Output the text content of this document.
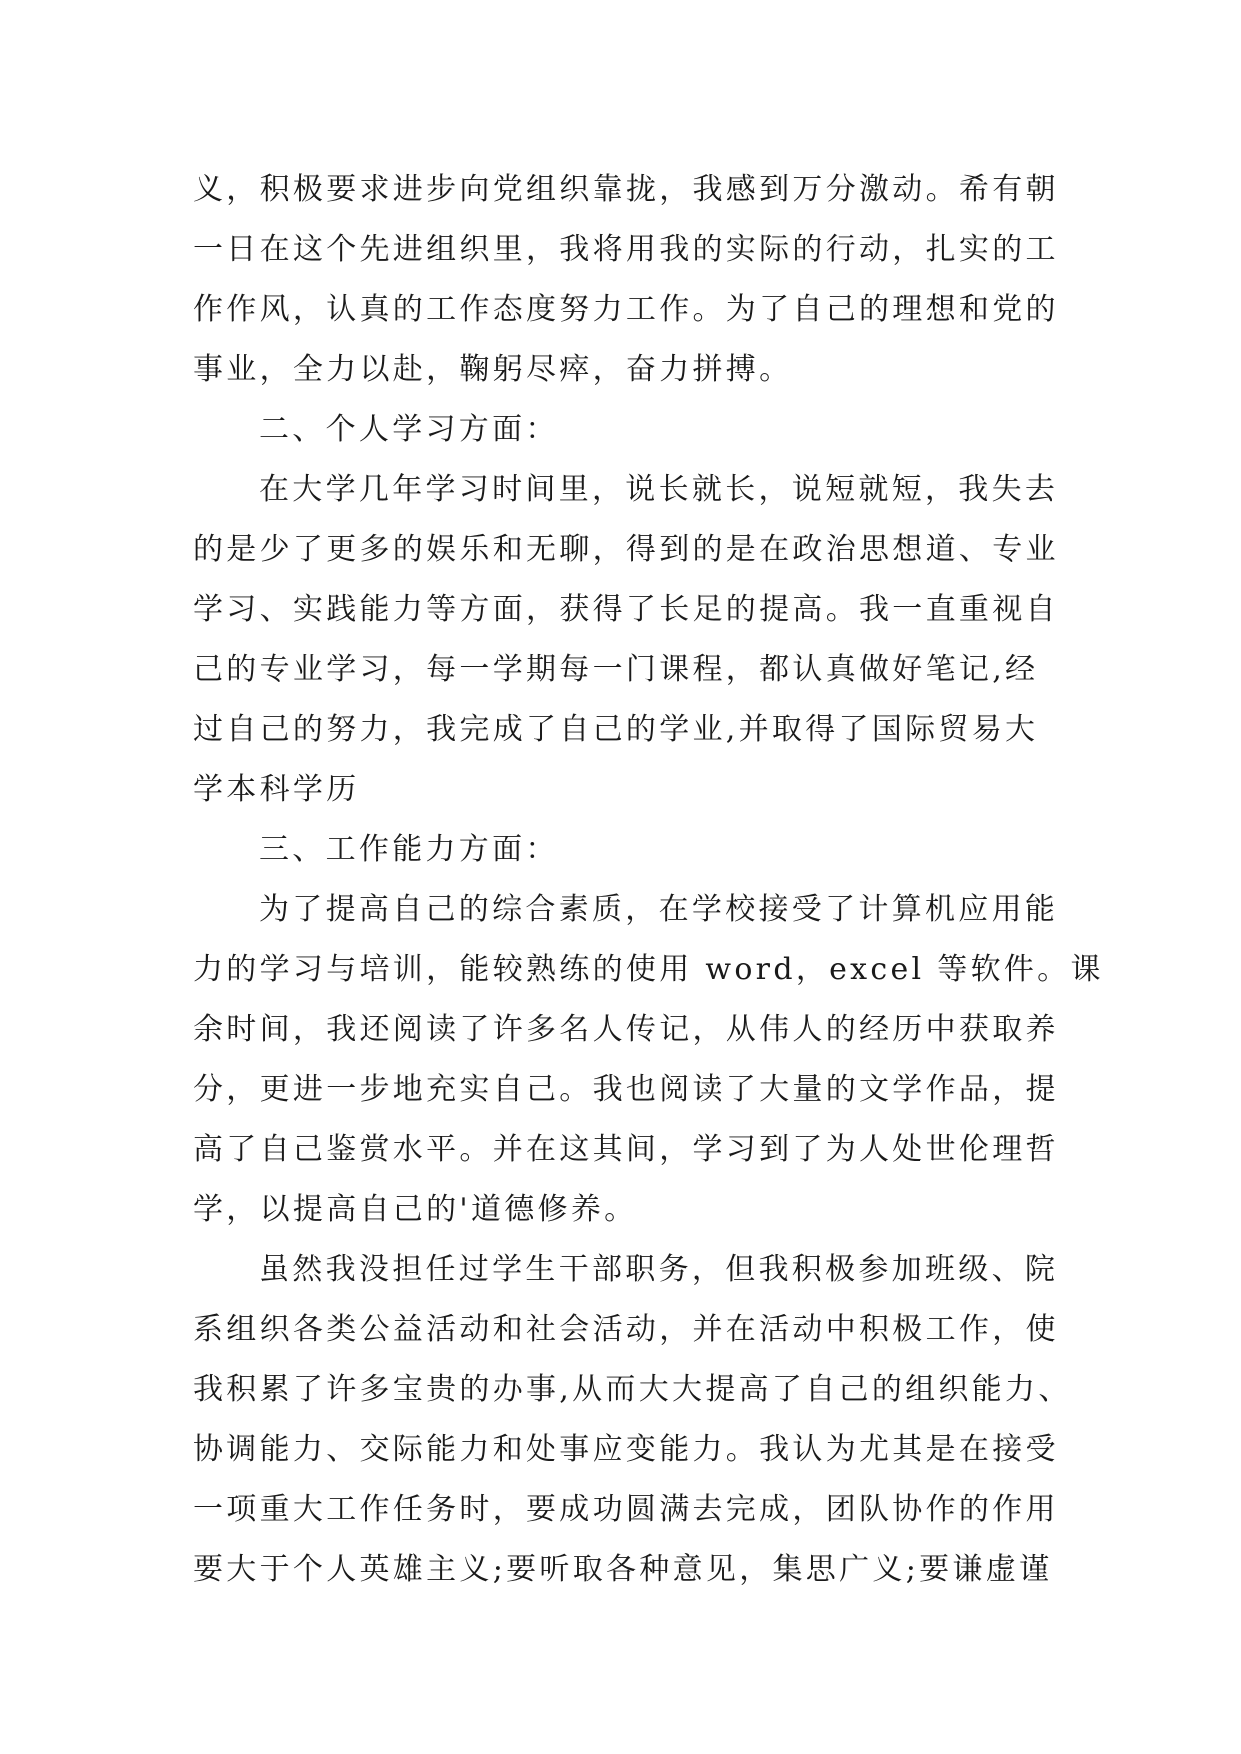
义，积极要求进步向党组织靠拢，我感到万分激动。希有朝
一日在这个先进组织里，我将用我的实际的行动，扎实的工
作作风，认真的工作态度努力工作。为了自己的理想和党的
事业，全力以赴，鞠躬尽瘁，奋力拼搏。
二、个人学习方面：
在大学几年学习时间里，说长就长，说短就短，我失去
的是少了更多的娱乐和无聊，得到的是在政治思想道、专业
学习、实践能力等方面，获得了长足的提高。我一直重视自
己的专业学习，每一学期每一门课程，都认真做好笔记,经
过自己的努力，我完成了自己的学业,并取得了国际贸易大
学本科学历
三、工作能力方面：
为了提高自己的综合素质，在学校接受了计算机应用能
力的学习与培训，能较熟练的使用 word，excel 等软件。课
余时间，我还阅读了许多名人传记，从伟人的经历中获取养
分，更进一步地充实自己。我也阅读了大量的文学作品，提
高了自己鉴赏水平。并在这其间，学习到了为人处世伦理哲
学，以提高自己的'道德修养。
虽然我没担任过学生干部职务，但我积极参加班级、院
系组织各类公益活动和社会活动，并在活动中积极工作，使
我积累了许多宝贵的办事,从而大大提高了自己的组织能力、
协调能力、交际能力和处事应变能力。我认为尤其是在接受
一项重大工作任务时，要成功圆满去完成，团队协作的作用
要大于个人英雄主义;要听取各种意见，集思广义;要谦虚谨
